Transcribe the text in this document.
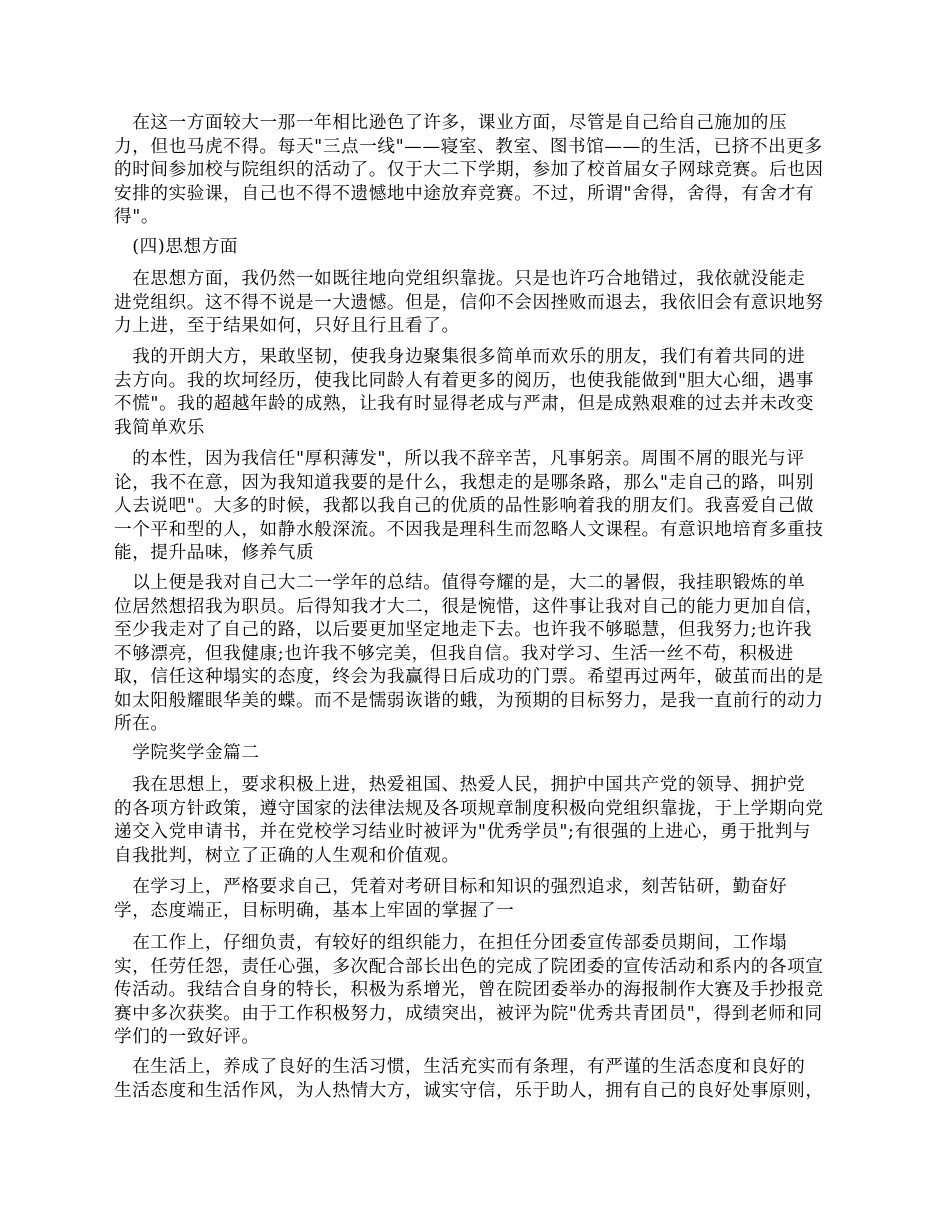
　在这一方面较大一那一年相比逊色了许多，课业方面，尽管是自己给自己施加的压
力，但也马虎不得。每天"三点一线"——寝室、教室、图书馆——的生活，已挤不出更多
的时间参加校与院组织的活动了。仅于大二下学期，参加了校首届女子网球竞赛。后也因
安排的实验课，自己也不得不遗憾地中途放弃竞赛。不过，所谓"舍得，舍得，有舍才有
得"。
　(四)思想方面
　在思想方面，我仍然一如既往地向党组织靠拢。只是也许巧合地错过，我依就没能走
进党组织。这不得不说是一大遗憾。但是，信仰不会因挫败而退去，我依旧会有意识地努
力上进，至于结果如何，只好且行且看了。
　我的开朗大方，果敢坚韧，使我身边聚集很多简单而欢乐的朋友，我们有着共同的进
去方向。我的坎坷经历，使我比同龄人有着更多的阅历，也使我能做到"胆大心细，遇事
不慌"。我的超越年龄的成熟，让我有时显得老成与严肃，但是成熟艰难的过去并未改变
我简单欢乐
　的本性，因为我信任"厚积薄发"，所以我不辞辛苦，凡事躬亲。周围不屑的眼光与评
论，我不在意，因为我知道我要的是什么，我想走的是哪条路，那么"走自己的路，叫别
人去说吧"。大多的时候，我都以我自己的优质的品性影响着我的朋友们。我喜爱自己做
一个平和型的人，如静水般深流。不因我是理科生而忽略人文课程。有意识地培育多重技
能，提升品味，修养气质
　以上便是我对自己大二一学年的总结。值得夸耀的是，大二的暑假，我挂职锻炼的单
位居然想招我为职员。后得知我才大二，很是惋惜，这件事让我对自己的能力更加自信，
至少我走对了自己的路，以后要更加坚定地走下去。也许我不够聪慧，但我努力;也许我
不够漂亮，但我健康;也许我不够完美，但我自信。我对学习、生活一丝不苟，积极进
取，信任这种塌实的态度，终会为我赢得日后成功的门票。希望再过两年，破茧而出的是
如太阳般耀眼华美的蝶。而不是懦弱诙谐的蛾，为预期的目标努力，是我一直前行的动力
所在。
　学院奖学金篇二
　我在思想上，要求积极上进，热爱祖国、热爱人民，拥护中国共产党的领导、拥护党
的各项方针政策，遵守国家的法律法规及各项规章制度积极向党组织靠拢，于上学期向党
递交入党申请书，并在党校学习结业时被评为"优秀学员";有很强的上进心，勇于批判与
自我批判，树立了正确的人生观和价值观。
　在学习上，严格要求自己，凭着对考研目标和知识的强烈追求，刻苦钻研，勤奋好
学，态度端正，目标明确，基本上牢固的掌握了一
　在工作上，仔细负责，有较好的组织能力，在担任分团委宣传部委员期间，工作塌
实，任劳任怨，责任心强，多次配合部长出色的完成了院团委的宣传活动和系内的各项宣
传活动。我结合自身的特长，积极为系增光，曾在院团委举办的海报制作大赛及手抄报竞
赛中多次获奖。由于工作积极努力，成绩突出，被评为院"优秀共青团员"，得到老师和同
学们的一致好评。
　在生活上，养成了良好的生活习惯，生活充实而有条理，有严谨的生活态度和良好的
生活态度和生活作风，为人热情大方，诚实守信，乐于助人，拥有自己的良好处事原则，
